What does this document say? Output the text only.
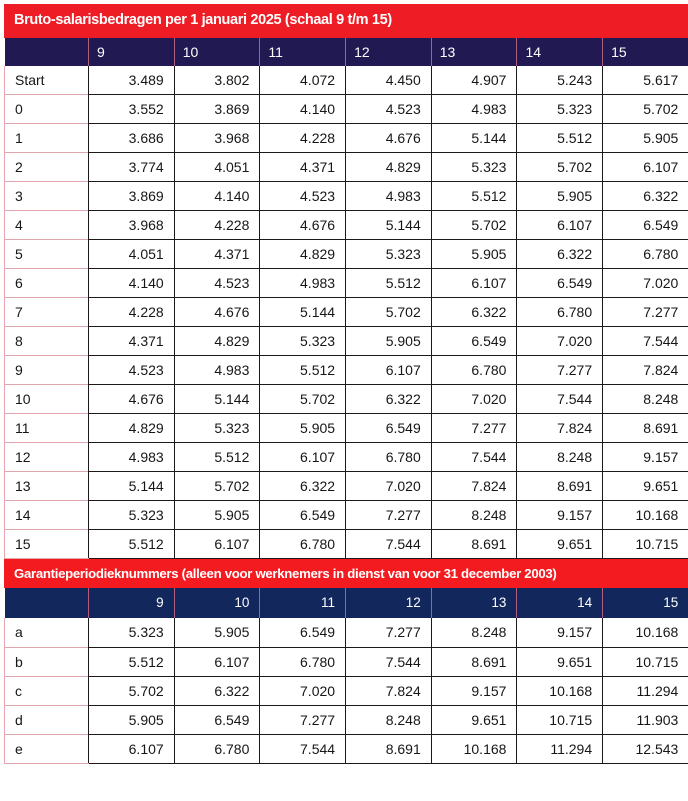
Bruto-salarisbedragen per 1 januari 2025 (schaal 9 t/m 15)
	9	10	11	12	13	14	15
Start	3.489	3.802	4.072	4.450	4.907	5.243	5.617
0	3.552	3.869	4.140	4.523	4.983	5.323	5.702
1	3.686	3.968	4.228	4.676	5.144	5.512	5.905
2	3.774	4.051	4.371	4.829	5.323	5.702	6.107
3	3.869	4.140	4.523	4.983	5.512	5.905	6.322
4	3.968	4.228	4.676	5.144	5.702	6.107	6.549
5	4.051	4.371	4.829	5.323	5.905	6.322	6.780
6	4.140	4.523	4.983	5.512	6.107	6.549	7.020
7	4.228	4.676	5.144	5.702	6.322	6.780	7.277
8	4.371	4.829	5.323	5.905	6.549	7.020	7.544
9	4.523	4.983	5.512	6.107	6.780	7.277	7.824
10	4.676	5.144	5.702	6.322	7.020	7.544	8.248
11	4.829	5.323	5.905	6.549	7.277	7.824	8.691
12	4.983	5.512	6.107	6.780	7.544	8.248	9.157
13	5.144	5.702	6.322	7.020	7.824	8.691	9.651
14	5.323	5.905	6.549	7.277	8.248	9.157	10.168
15	5.512	6.107	6.780	7.544	8.691	9.651	10.715
Garantieperiodieknummers (alleen voor werknemers in dienst van voor 31 december 2003)
	9	10	11	12	13	14	15
a	5.323	5.905	6.549	7.277	8.248	9.157	10.168
b	5.512	6.107	6.780	7.544	8.691	9.651	10.715
c	5.702	6.322	7.020	7.824	9.157	10.168	11.294
d	5.905	6.549	7.277	8.248	9.651	10.715	11.903
e	6.107	6.780	7.544	8.691	10.168	11.294	12.543
